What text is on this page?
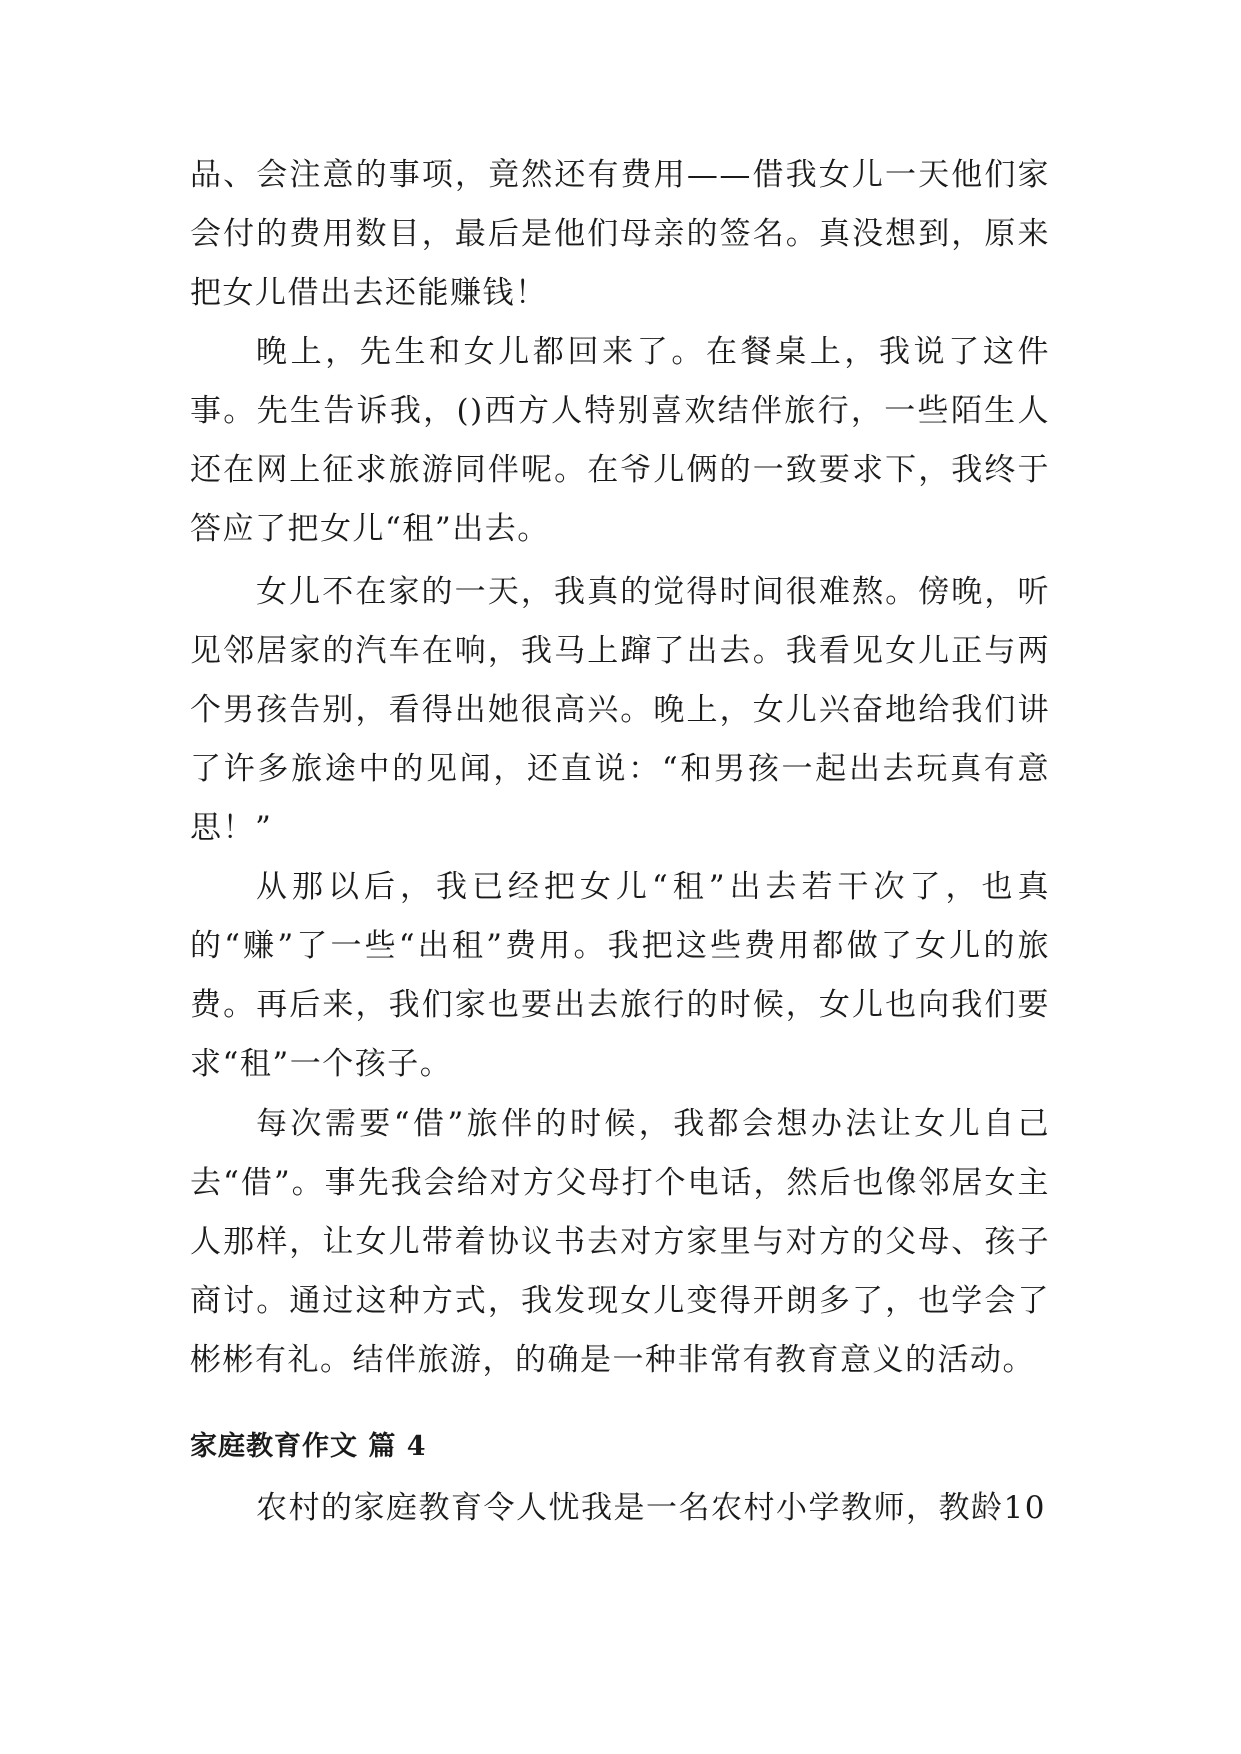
品、会注意的事项，竟然还有费用——借我女儿一天他们家会付的费用数目，最后是他们母亲的签名。真没想到，原来把女儿借出去还能赚钱！

晚上，先生和女儿都回来了。在餐桌上，我说了这件事。先生告诉我，()西方人特别喜欢结伴旅行，一些陌生人还在网上征求旅游同伴呢。在爷儿俩的一致要求下，我终于答应了把女儿“租”出去。

女儿不在家的一天，我真的觉得时间很难熬。傍晚，听见邻居家的汽车在响，我马上蹿了出去。我看见女儿正与两个男孩告别，看得出她很高兴。晚上，女儿兴奋地给我们讲了许多旅途中的见闻，还直说：“和男孩一起出去玩真有意思！”

从那以后，我已经把女儿“租”出去若干次了，也真的“赚”了一些“出租”费用。我把这些费用都做了女儿的旅费。再后来，我们家也要出去旅行的时候，女儿也向我们要求“租”一个孩子。

每次需要“借”旅伴的时候，我都会想办法让女儿自己去“借”。事先我会给对方父母打个电话，然后也像邻居女主人那样，让女儿带着协议书去对方家里与对方的父母、孩子商讨。通过这种方式，我发现女儿变得开朗多了，也学会了彬彬有礼。结伴旅游，的确是一种非常有教育意义的活动。

家庭教育作文 篇 4

农村的家庭教育令人忧我是一名农村小学教师，教龄10
